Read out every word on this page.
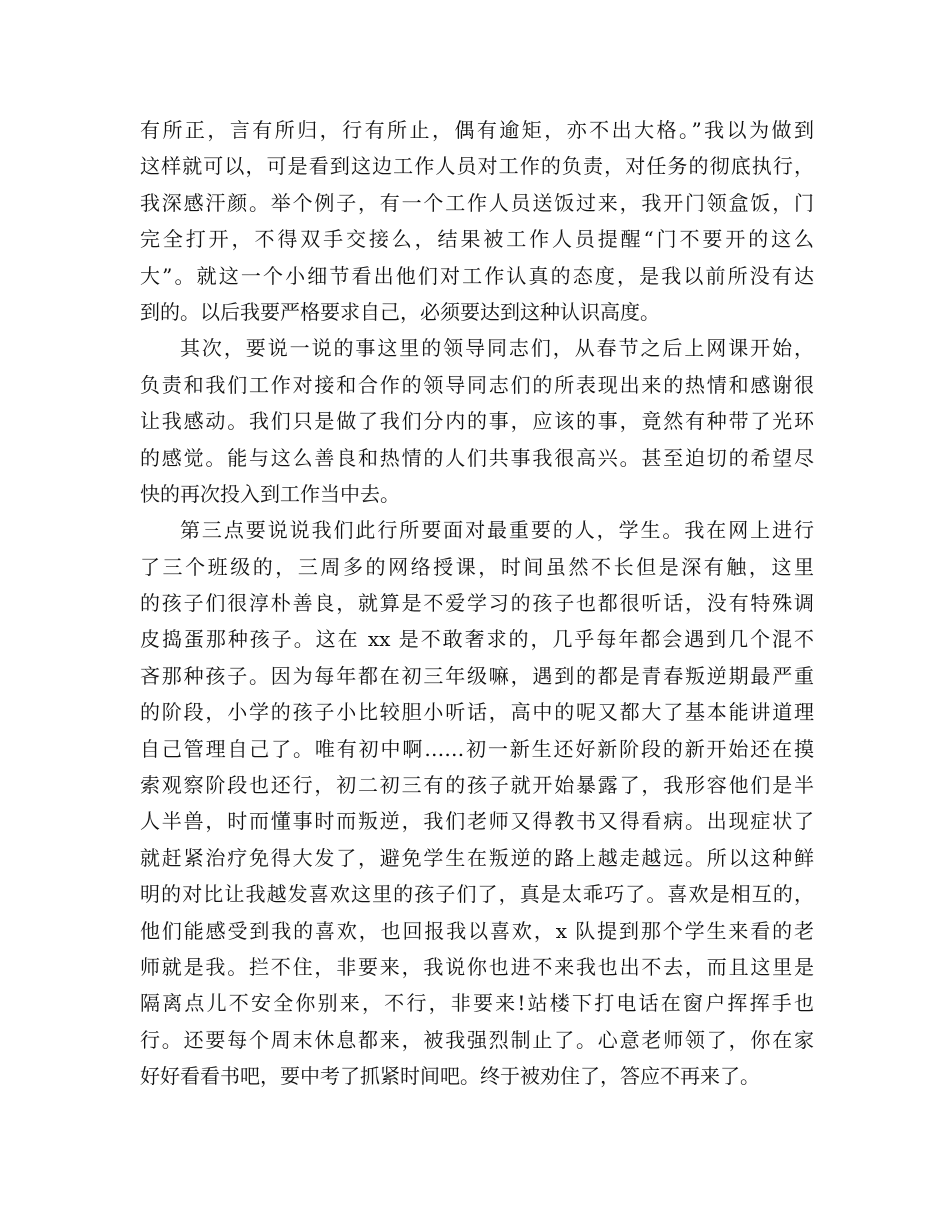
有所正，言有所归，行有所止，偶有逾矩，亦不出大格。”我以为做到
这样就可以，可是看到这边工作人员对工作的负责，对任务的彻底执行，
我深感汗颜。举个例子，有一个工作人员送饭过来，我开门领盒饭，门
完全打开，不得双手交接么，结果被工作人员提醒“门不要开的这么
大”。就这一个小细节看出他们对工作认真的态度，是我以前所没有达
到的。以后我要严格要求自己，必须要达到这种认识高度。
其次，要说一说的事这里的领导同志们，从春节之后上网课开始，
负责和我们工作对接和合作的领导同志们的所表现出来的热情和感谢很
让我感动。我们只是做了我们分内的事，应该的事，竟然有种带了光环
的感觉。能与这么善良和热情的人们共事我很高兴。甚至迫切的希望尽
快的再次投入到工作当中去。
第三点要说说我们此行所要面对最重要的人，学生。我在网上进行
了三个班级的，三周多的网络授课，时间虽然不长但是深有触，这里
的孩子们很淳朴善良，就算是不爱学习的孩子也都很听话，没有特殊调
皮捣蛋那种孩子。这在 xx 是不敢奢求的，几乎每年都会遇到几个混不
吝那种孩子。因为每年都在初三年级嘛，遇到的都是青春叛逆期最严重
的阶段，小学的孩子小比较胆小听话，高中的呢又都大了基本能讲道理
自己管理自己了。唯有初中啊……初一新生还好新阶段的新开始还在摸
索观察阶段也还行，初二初三有的孩子就开始暴露了，我形容他们是半
人半兽，时而懂事时而叛逆，我们老师又得教书又得看病。出现症状了
就赶紧治疗免得大发了，避免学生在叛逆的路上越走越远。所以这种鲜
明的对比让我越发喜欢这里的孩子们了，真是太乖巧了。喜欢是相互的，
他们能感受到我的喜欢，也回报我以喜欢，x 队提到那个学生来看的老
师就是我。拦不住，非要来，我说你也进不来我也出不去，而且这里是
隔离点儿不安全你别来，不行，非要来!站楼下打电话在窗户挥挥手也
行。还要每个周末休息都来，被我强烈制止了。心意老师领了，你在家
好好看看书吧，要中考了抓紧时间吧。终于被劝住了，答应不再来了。
